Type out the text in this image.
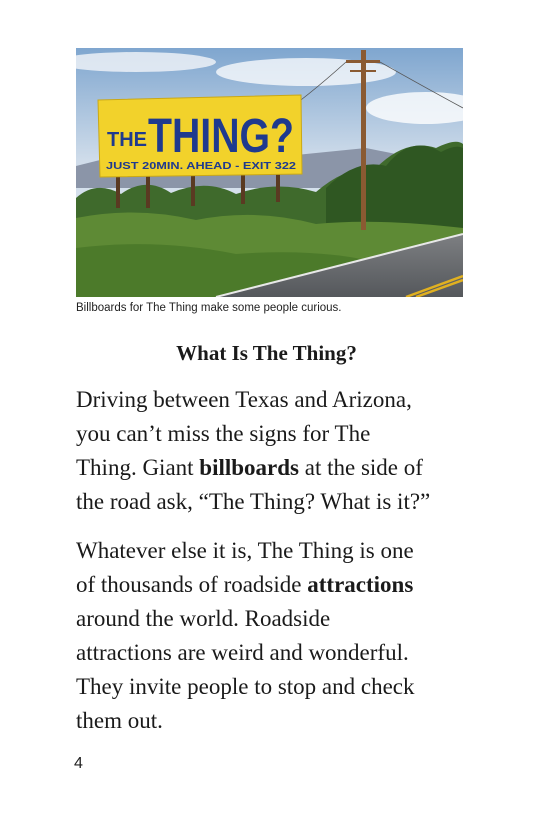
THE THING?
JUST 20MIN. AHEAD - EXIT 322
Billboards for The Thing make some people curious.
What Is The Thing?

Driving between Texas and Arizona,
you can’t miss the signs for The
Thing. Giant billboards at the side of
the road ask, “The Thing? What is it?”

Whatever else it is, The Thing is one
of thousands of roadside attractions
around the world. Roadside
attractions are weird and wonderful.
They invite people to stop and check
them out.

4
